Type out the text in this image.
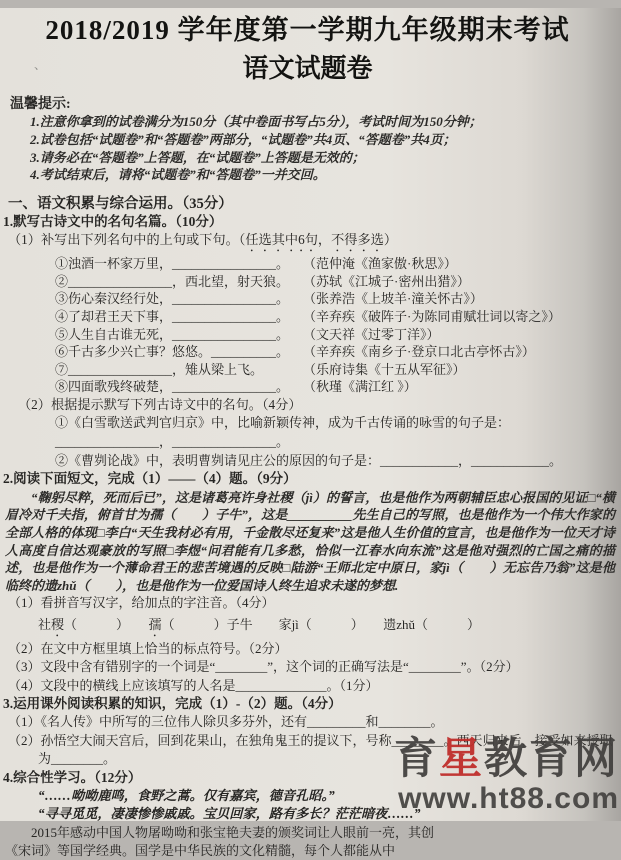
、
2018/2019 学年度第一学期九年级期末考试
语文试题卷
温馨提示:
1.注意你拿到的试卷满分为150分（其中卷面书写占5分），考试时间为150分钟；
2.试卷包括“试题卷”和“答题卷”两部分，“试题卷”共4页、“答题卷”共4页；
3.请务必在“答题卷”上答题，在“试题卷”上答题是无效的；
4.考试结束后，请将“试题卷”和“答题卷”一并交回。
一、语文积累与综合运用。（35分）
1.默写古诗文中的名句名篇。（10分）
（1）补写出下列名句中的上句或下句。（任选其中6句，不得多选）
①浊酒一杯家万里，________________。	（范仲淹《渔家傲·秋思》）
②________________，西北望，射天狼。	（苏轼《江城子·密州出猎》）
③伤心秦汉经行处，________________。	（张养浩《上坡羊·潼关怀古》）
④了却君王天下事，________________。	（辛弃疾《破阵子·为陈同甫赋壮词以寄之》）
⑤人生自古谁无死，________________。	（文天祥《过零丁洋》）
⑥千古多少兴亡事？悠悠。__________。	（辛弃疾《南乡子·登京口北古亭怀古》）
⑦________________，雉从梁上飞。	（乐府诗集《十五从军征》）
⑧四面歌残终破楚，________________。	（秋瑾《满江红 》）
（2）根据提示默写下列古诗文中的名句。（4分）
①《白雪歌送武判官归京》中，比喻新颖传神，成为千古传诵的咏雪的句子是：
________________，________________。
②《曹刿论战》中，表明曹刿请见庄公的原因的句子是：____________，____________。
2.阅读下面短文，完成（1）——（4）题。（9分）
“鞠躬尽粹，死而后已”，这是诸葛亮许身社稷（jì）的誓言，也是他作为两朝辅臣忠心报国的见证□“横眉冷对千夫指，俯首甘为孺（　　）子牛”，这是__________先生自己的写照，也是他作为一个伟大作家的全部人格的体现□李白“天生我材必有用，千金散尽还复来”这是他人生价值的宣言，也是他作为一位天才诗人高度自信达观豪放的写照□李煜“问君能有几多愁，恰似一江春水向东流”这是他对强烈的亡国之痛的描述，也是他作为一个薄命君王的悲苦境遇的反映□陆游“王师北定中原日，家jì（　　）无忘告乃翁”这是他临终的遗zhǔ（　　），也是他作为一位爱国诗人终生追求未遂的梦想.
（1）看拼音写汉字，给加点的字注音。（4分）
社稷（　　　）　　孺（　　　）子牛　　家jì（　　　）　　遗zhǔ（　　　）
（2）在文中方框里填上恰当的标点符号。（2分）
（3）文段中含有错别字的一个词是“________”，这个词的正确写法是“________”。（2分）
（4）文段中的横线上应该填写的人名是______________。（1分）
3.运用课外阅读积累的知识，完成（1）-（2）题。（4分）
（1）《名人传》中所写的三位伟人除贝多芬外，还有_________和________。
（2）孙悟空大闹天宫后，回到花果山，在独角鬼王的提议下，号称________。西天归来后，接受如来授职为________。
4.综合性学习。（12分）
“……呦呦鹿鸣，食野之蒿。仅有嘉宾，德音孔昭。”
“寻寻觅觅，凄凄惨惨戚戚。宝贝回家，路有多长？茫茫暗夜……”
2015年感动中国人物屠呦呦和张宝艳夫妻的颁奖词让人眼前一亮，其创
《宋词》等国学经典。国学是中华民族的文化精髓，每个人都能从中
育星教育网
www.ht88.com
